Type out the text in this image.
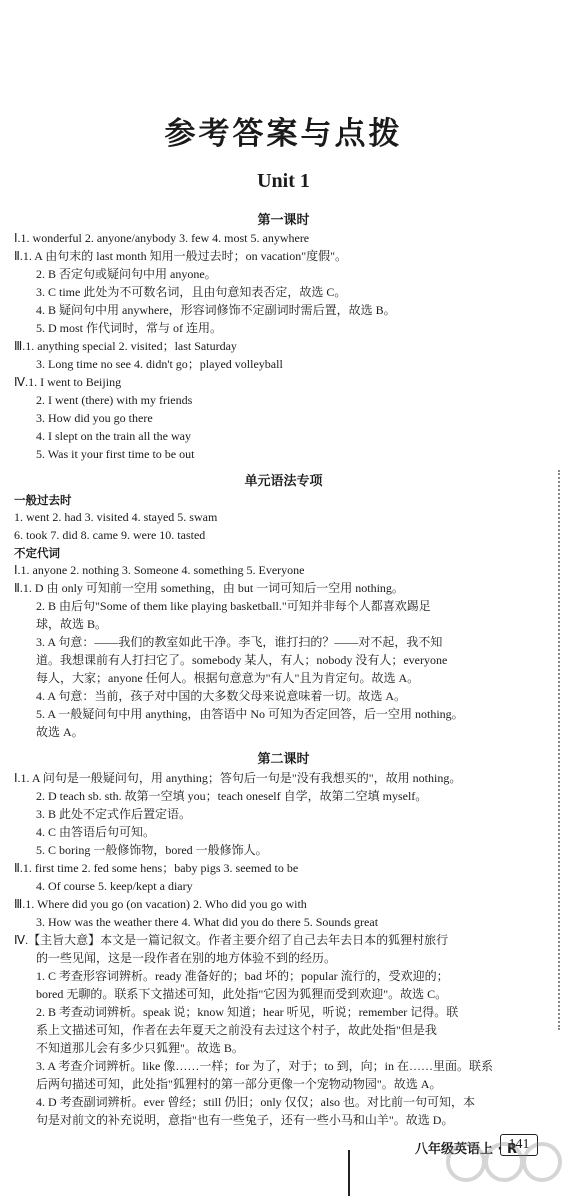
参考答案与点拨
Unit 1
第一课时

Ⅰ.1. wonderful 2. anyone/anybody 3. few 4. most 5. anywhere

Ⅱ.1. A 由句末的 last month 知用一般过去时；on vacation"度假"。

2. B 否定句或疑问句中用 anyone。

3. C time 此处为不可数名词，且由句意知表否定，故选 C。

4. B 疑问句中用 anywhere，形容词修饰不定副词时需后置，故选 B。

5. D most 作代词时，常与 of 连用。

Ⅲ.1. anything special 2. visited；last Saturday

3. Long time no see 4. didn't go；played volleyball

Ⅳ.1. I went to Beijing

2. I went (there) with my friends

3. How did you go there

4. I slept on the train all the way

5. Was it your first time to be out

单元语法专项

一般过去时

1. went 2. had 3. visited 4. stayed 5. swam

6. took 7. did 8. came 9. were 10. tasted

不定代词

Ⅰ.1. anyone 2. nothing 3. Someone 4. something 5. Everyone

Ⅱ.1. D 由 only 可知前一空用 something，由 but 一词可知后一空用 nothing。

2. B 由后句"Some of them like playing basketball."可知并非每个人都喜欢踢足

球，故选 B。

3. A 句意：——我们的教室如此干净。李飞，谁打扫的？——对不起，我不知

道。我想课前有人打扫它了。somebody 某人，有人；nobody 没有人；everyone

每人，大家；anyone 任何人。根据句意意为"有人"且为肯定句。故选 A。

4. A 句意：当前，孩子对中国的大多数父母来说意味着一切。故选 A。

5. A 一般疑问句中用 anything，由答语中 No 可知为否定回答，后一空用 nothing。

故选 A。

第二课时

Ⅰ.1. A 问句是一般疑问句，用 anything；答句后一句是"没有我想买的"，故用 nothing。

2. D teach sb. sth. 故第一空填 you；teach oneself 自学，故第二空填 myself。

3. B 此处不定式作后置定语。

4. C 由答语后句可知。

5. C boring 一般修饰物，bored 一般修饰人。

Ⅱ.1. first time 2. fed some hens；baby pigs 3. seemed to be

4. Of course 5. keep/kept a diary

Ⅲ.1. Where did you go (on vacation) 2. Who did you go with

3. How was the weather there 4. What did you do there 5. Sounds great

Ⅳ.【主旨大意】本文是一篇记叙文。作者主要介绍了自己去年去日本的狐狸村旅行

的一些见闻，这是一段作者在别的地方体验不到的经历。

1. C 考查形容词辨析。ready 准备好的；bad 坏的；popular 流行的，受欢迎的；

bored 无聊的。联系下文描述可知，此处指"它因为狐狸而受到欢迎"。故选 C。

2. B 考查动词辨析。speak 说；know 知道；hear 听见，听说；remember 记得。联

系上文描述可知，作者在去年夏天之前没有去过这个村子，故此处指"但是我

不知道那儿会有多少只狐狸"。故选 B。

3. A 考查介词辨析。like 像……一样；for 为了，对于；to 到，向；in 在……里面。联系

后两句描述可知，此处指"狐狸村的第一部分更像一个宠物动物园"。故选 A。

4. D 考查副词辨析。ever 曾经；still 仍旧；only 仅仅；also 也。对比前一句可知，本

句是对前文的补充说明，意指"也有一些兔子，还有一些小马和山羊"。故选 D。

八年级英语上 · R
141
